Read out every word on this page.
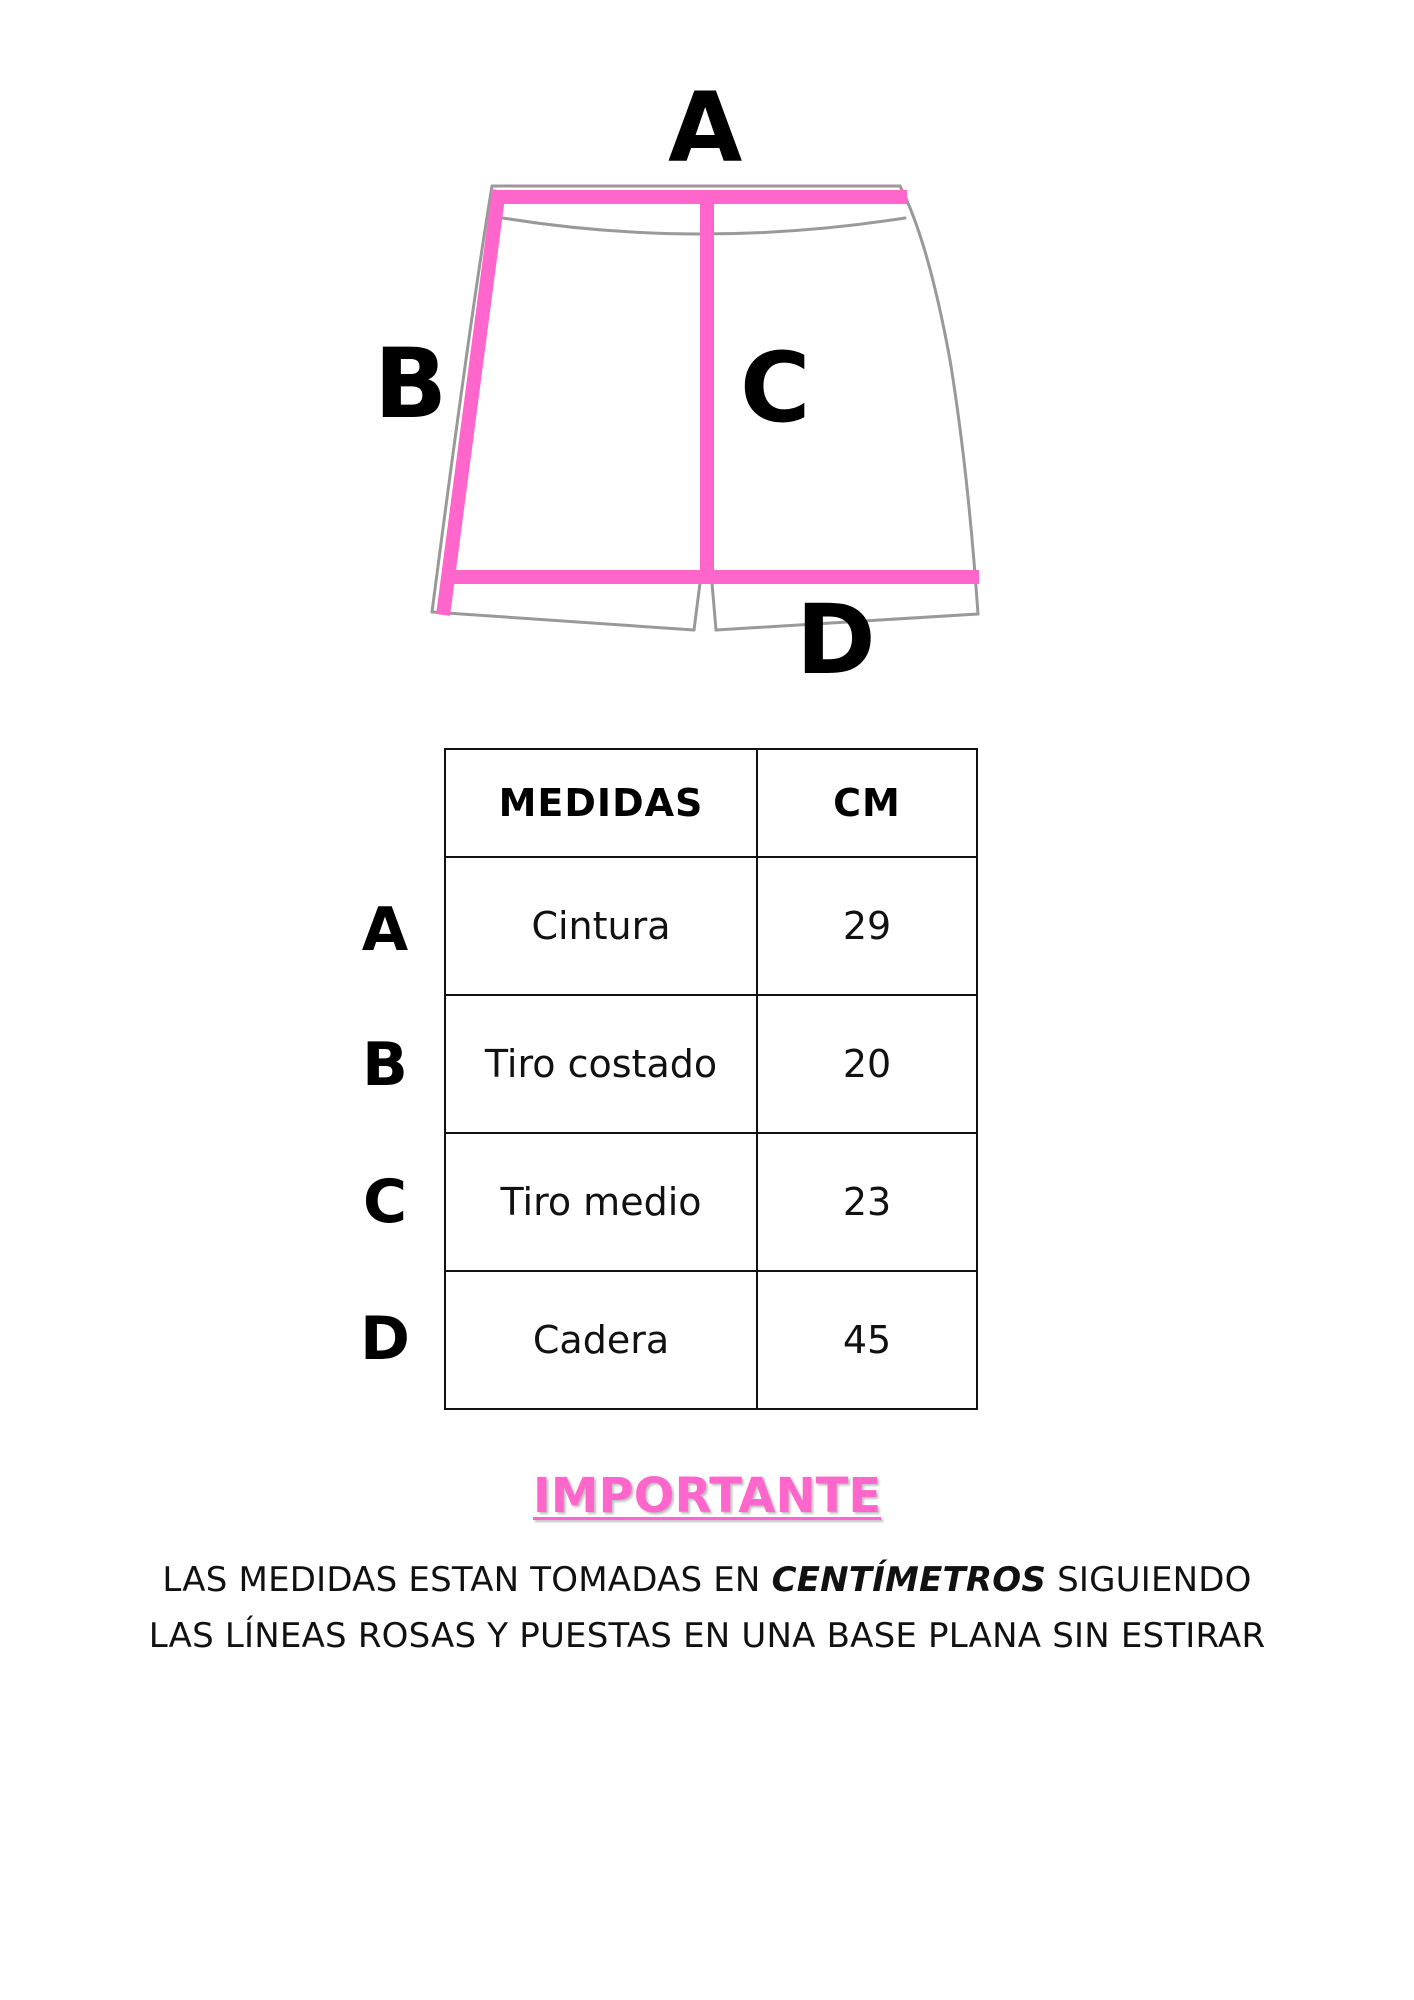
A
B	C
D
A
B
C
D
MEDIDAS	CM
Cintura	29
Tiro costado	20
Tiro medio	23
Cadera	45
IMPORTANTE
LAS MEDIDAS ESTAN TOMADAS EN CENTÍMETROS SIGUIENDO
LAS LÍNEAS ROSAS Y PUESTAS EN UNA BASE PLANA SIN ESTIRAR
